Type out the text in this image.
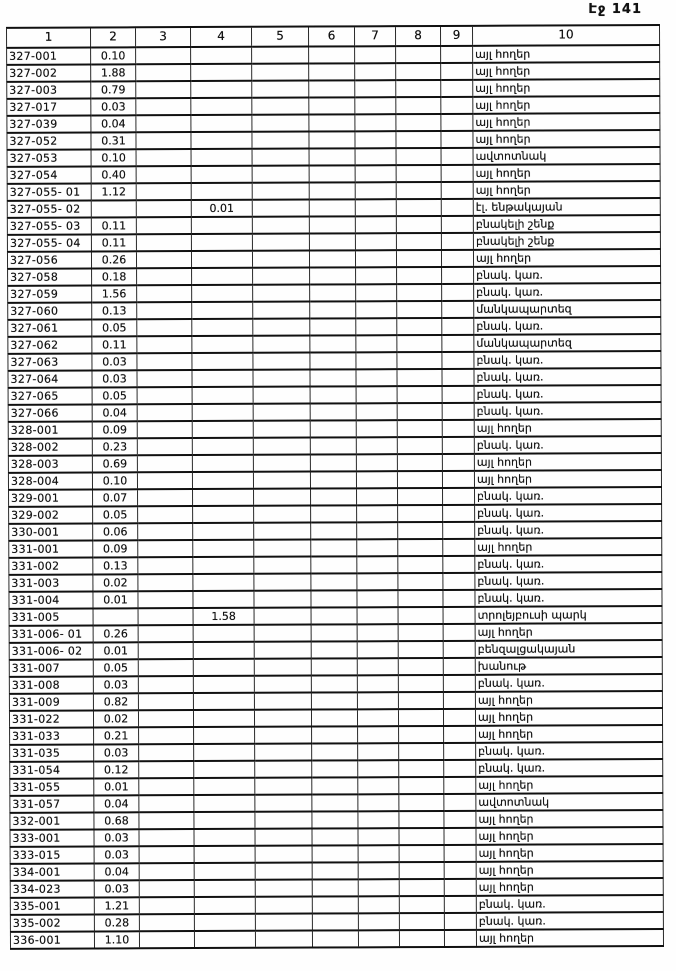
Էջ 141
1	2	3	4	5	6	7	8	9	10
327-001	0.10								այլ հողեր
327-002	1.88								այլ հողեր
327-003	0.79								այլ հողեր
327-017	0.03								այլ հողեր
327-039	0.04								այլ հողեր
327-052	0.31								այլ հողեր
327-053	0.10								ավտոտնակ
327-054	0.40								այլ հողեր
327-055- 01	1.12								այլ հողեր
327-055- 02			0.01						էլ. ենթակայան
327-055- 03	0.11								բնակելի շենք
327-055- 04	0.11								բնակելի շենք
327-056	0.26								այլ հողեր
327-058	0.18								բնակ. կառ.
327-059	1.56								բնակ. կառ.
327-060	0.13								մանկապարտեզ
327-061	0.05								բնակ. կառ.
327-062	0.11								մանկապարտեզ
327-063	0.03								բնակ. կառ.
327-064	0.03								բնակ. կառ.
327-065	0.05								բնակ. կառ.
327-066	0.04								բնակ. կառ.
328-001	0.09								այլ հողեր
328-002	0.23								բնակ. կառ.
328-003	0.69								այլ հողեր
328-004	0.10								այլ հողեր
329-001	0.07								բնակ. կառ.
329-002	0.05								բնակ. կառ.
330-001	0.06								բնակ. կառ.
331-001	0.09								այլ հողեր
331-002	0.13								բնակ. կառ.
331-003	0.02								բնակ. կառ.
331-004	0.01								բնակ. կառ.
331-005			1.58						տրոլեյբուսի պարկ
331-006- 01	0.26								այլ հողեր
331-006- 02	0.01								բենզալցակայան
331-007	0.05								խանութ
331-008	0.03								բնակ. կառ.
331-009	0.82								այլ հողեր
331-022	0.02								այլ հողեր
331-033	0.21								այլ հողեր
331-035	0.03								բնակ. կառ.
331-054	0.12								բնակ. կառ.
331-055	0.01								այլ հողեր
331-057	0.04								ավտոտնակ
332-001	0.68								այլ հողեր
333-001	0.03								այլ հողեր
333-015	0.03								այլ հողեր
334-001	0.04								այլ հողեր
334-023	0.03								այլ հողեր
335-001	1.21								բնակ. կառ.
335-002	0.28								բնակ. կառ.
336-001	1.10								այլ հողեր
